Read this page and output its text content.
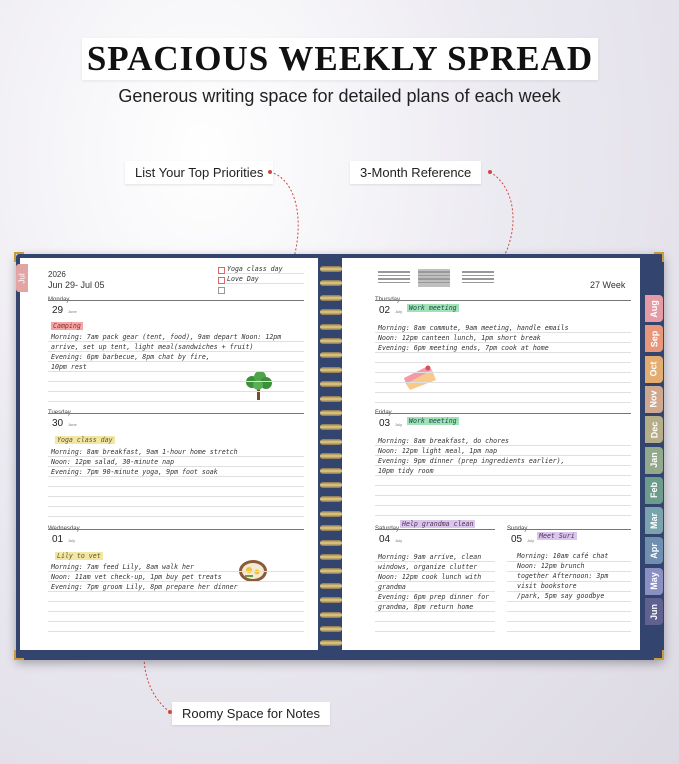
SPACIOUS WEEKLY SPREAD
Generous writing space for detailed plans of each week
List Your Top Priorities	3-Month Reference
Roomy Space for Notes
Jul
Aug
Sep
Oct
Nov
Dec
Jan
Feb
Mar
Apr
May
Jun
2026
Jun 29- Jul 05
Yoga class day
Love Day
29 June
Camping
Morning: 7am pack gear (tent, food), 9am depart Noon: 12pm
arrive, set up tent, light meal(sandwiches + fruit)
Evening: 6pm barbecue, 8pm chat by fire,
10pm rest
30 June
Yoga class day
Morning: 8am breakfast, 9am 1-hour home stretch
Noon: 12pm salad, 30-minute nap
Evening: 7pm 90-minute yoga, 9pm foot soak
01 July
Lily to vet
Morning: 7am feed Lily, 8am walk her
Noon: 11am vet check-up, 1pm buy pet treats
Evening: 7pm groom Lily, 8pm prepare her dinner
27 Week
02 July	Work meeting
Morning: 8am commute, 9am meeting, handle emails
Noon: 12pm canteen lunch, 1pm short break
Evening: 6pm meeting ends, 7pm cook at home
03 July	Work meeting
Morning: 8am breakfast, do chores
Noon: 12pm light meal, 1pm nap
Evening: 9pm dinner (prep ingredients earlier),
10pm tidy room
04 July
Help grandma clean
Morning: 9am arrive, clean
windows, organize clutter
Noon: 12pm cook lunch with
grandma
Evening: 6pm prep dinner for
grandma, 8pm return home
05 July
Meet Suri
Morning: 10am café chat
Noon: 12pm brunch
together Afternoon: 3pm
visit bookstore
/park, 5pm say goodbye
